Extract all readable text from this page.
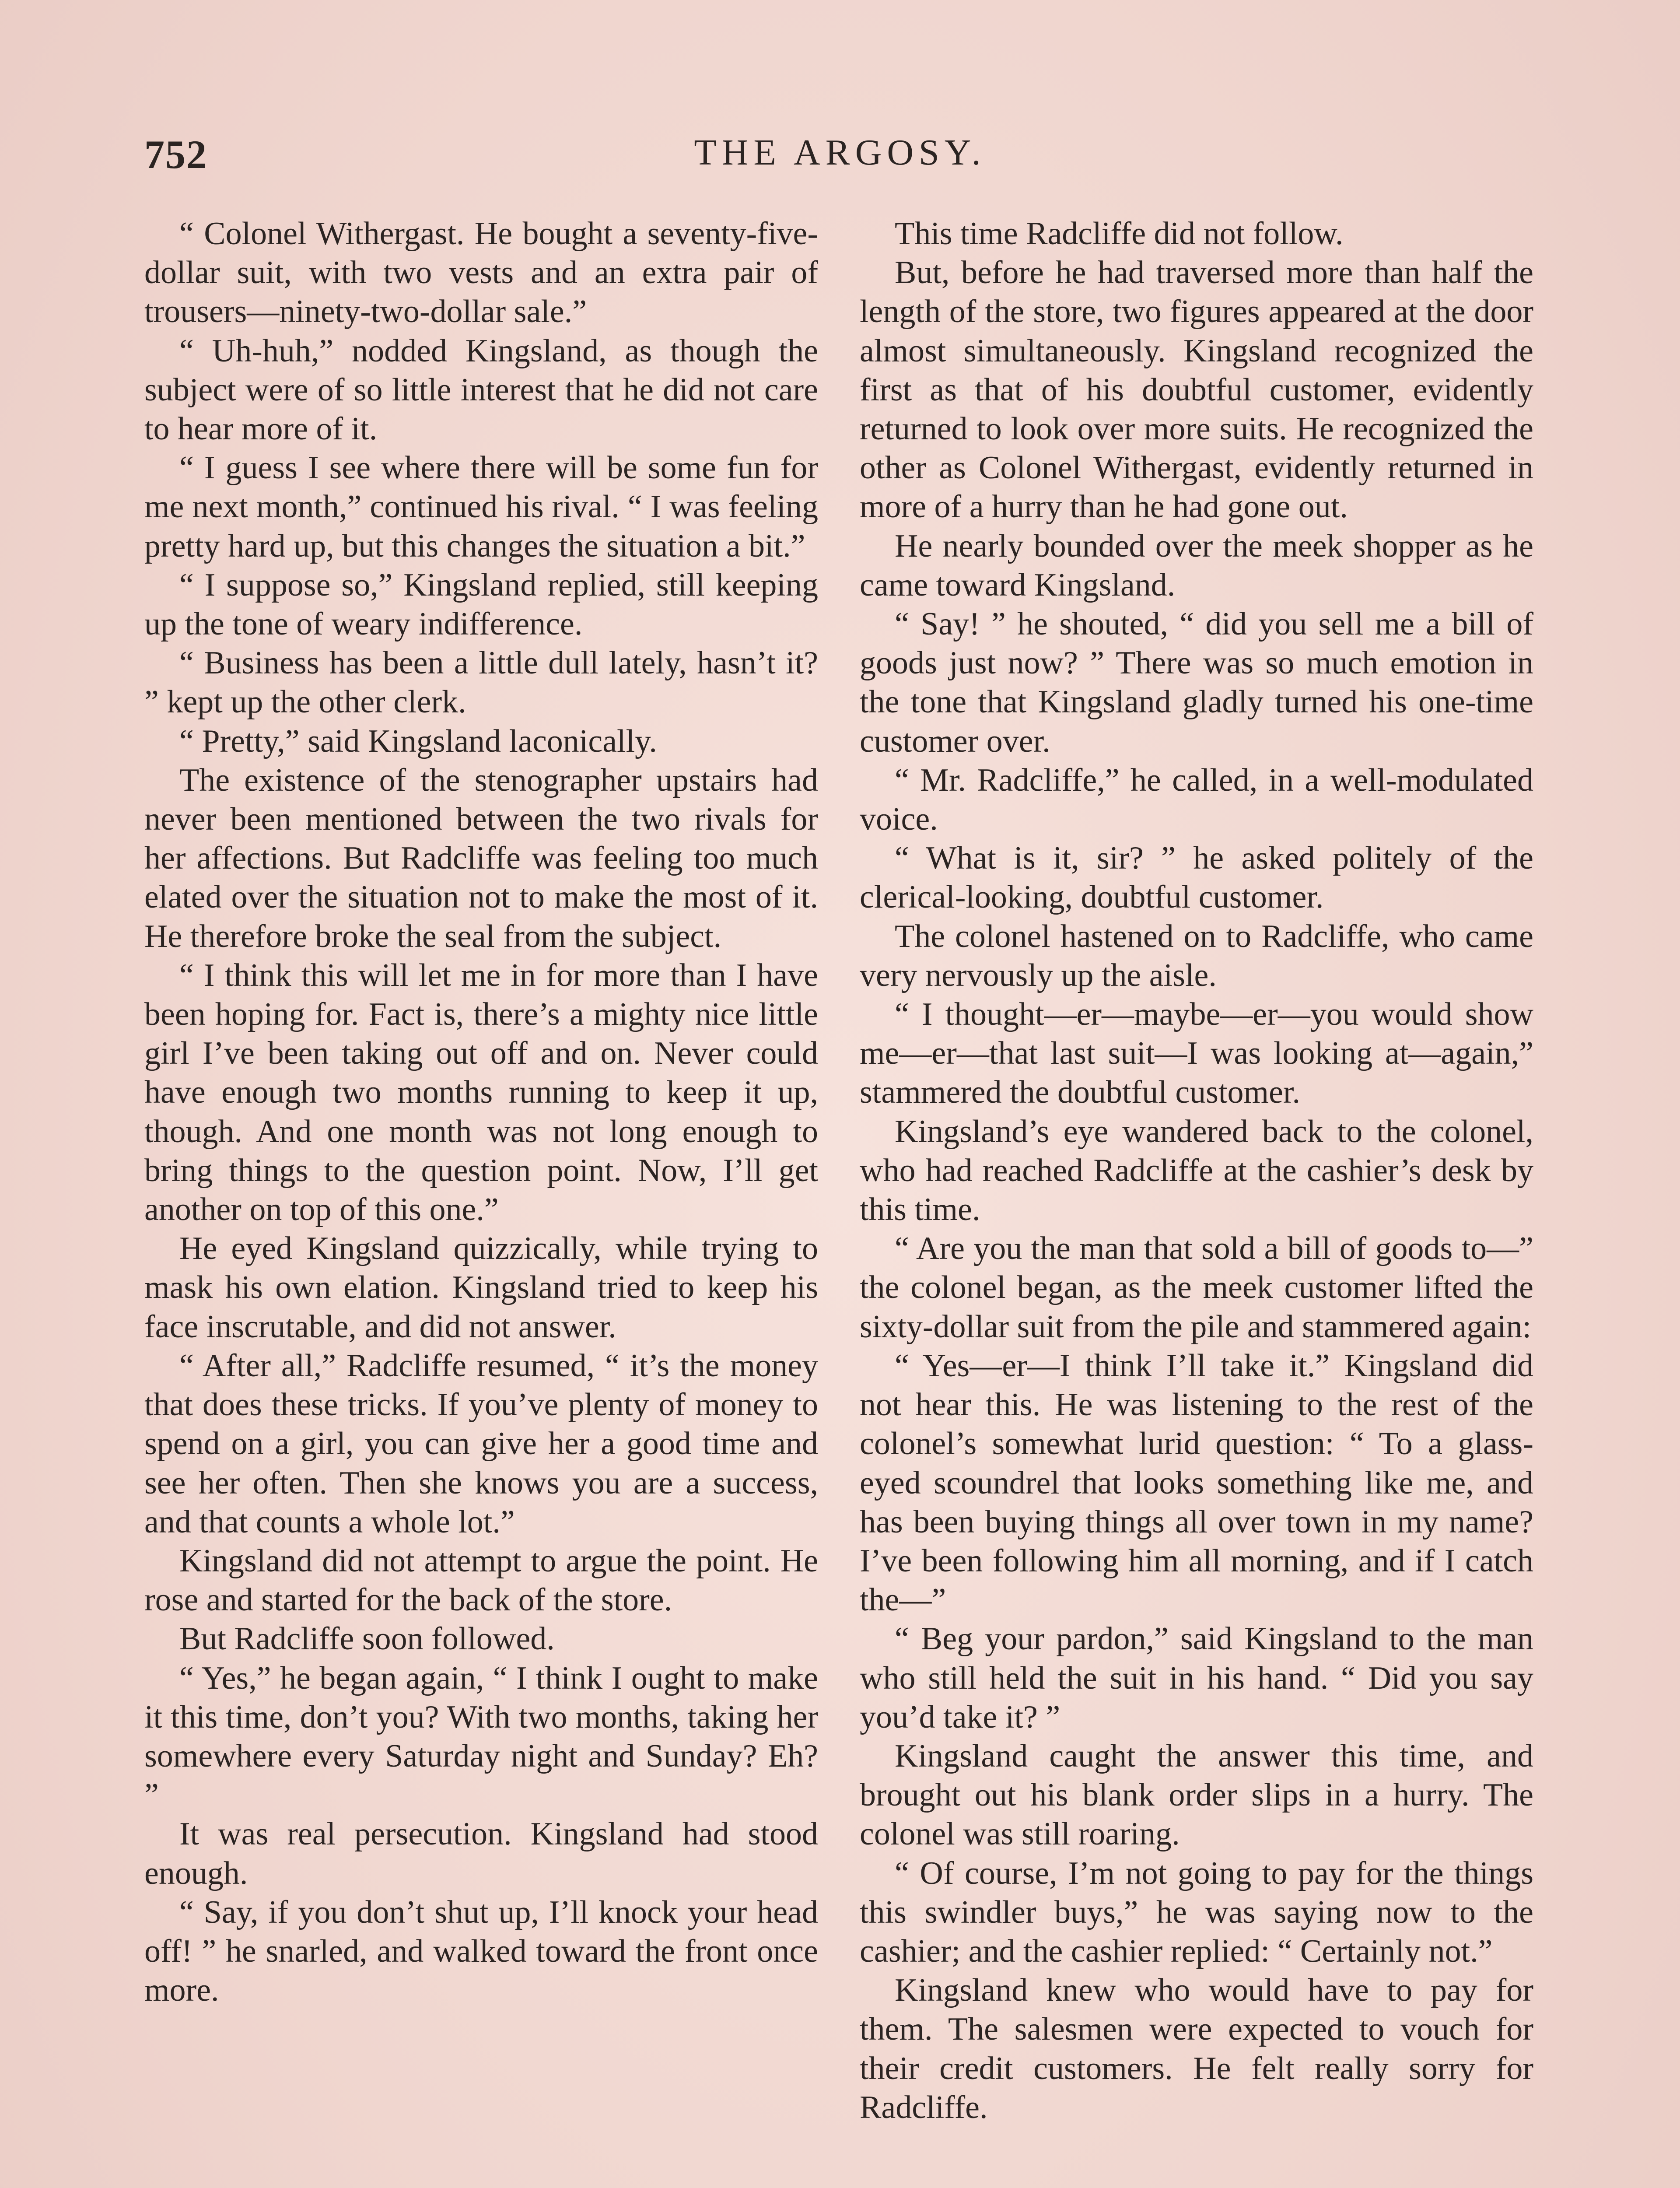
752	THE ARGOSY.

“ Colonel Withergast. He bought a seventy-five-dollar suit, with two vests and an extra pair of trousers—ninety-two-dollar sale.”

“ Uh-huh,” nodded Kingsland, as though the subject were of so little interest that he did not care to hear more of it.

“ I guess I see where there will be some fun for me next month,” continued his rival. “ I was feeling pretty hard up, but this changes the situation a bit.”

“ I suppose so,” Kingsland replied, still keeping up the tone of weary indifference.

“ Business has been a little dull lately, hasn’t it? ” kept up the other clerk.

“ Pretty,” said Kingsland laconically.

The existence of the stenographer upstairs had never been mentioned between the two rivals for her affections. But Radcliffe was feeling too much elated over the situation not to make the most of it. He therefore broke the seal from the subject.

“ I think this will let me in for more than I have been hoping for. Fact is, there’s a mighty nice little girl I’ve been taking out off and on. Never could have enough two months running to keep it up, though. And one month was not long enough to bring things to the question point. Now, I’ll get another on top of this one.”

He eyed Kingsland quizzically, while trying to mask his own elation. Kingsland tried to keep his face inscrutable, and did not answer.

“ After all,” Radcliffe resumed, “ it’s the money that does these tricks. If you’ve plenty of money to spend on a girl, you can give her a good time and see her often. Then she knows you are a success, and that counts a whole lot.”

Kingsland did not attempt to argue the point. He rose and started for the back of the store.

But Radcliffe soon followed.

“ Yes,” he began again, “ I think I ought to make it this time, don’t you? With two months, taking her somewhere every Saturday night and Sunday? Eh? ”

It was real persecution. Kingsland had stood enough.

“ Say, if you don’t shut up, I’ll knock your head off! ” he snarled, and walked toward the front once more.

This time Radcliffe did not follow.

But, before he had traversed more than half the length of the store, two figures appeared at the door almost simultaneously. Kingsland recognized the first as that of his doubtful customer, evidently returned to look over more suits. He recognized the other as Colonel Withergast, evidently returned in more of a hurry than he had gone out.

He nearly bounded over the meek shopper as he came toward Kingsland.

“ Say! ” he shouted, “ did you sell me a bill of goods just now? ” There was so much emotion in the tone that Kingsland gladly turned his one-time customer over.

“ Mr. Radcliffe,” he called, in a well-modulated voice.

“ What is it, sir? ” he asked politely of the clerical-looking, doubtful customer.

The colonel hastened on to Radcliffe, who came very nervously up the aisle.

“ I thought—er—maybe—er—you would show me—er—that last suit—I was looking at—again,” stammered the doubtful customer.

Kingsland’s eye wandered back to the colonel, who had reached Radcliffe at the cashier’s desk by this time.

“ Are you the man that sold a bill of goods to—” the colonel began, as the meek customer lifted the sixty-dollar suit from the pile and stammered again:

“ Yes—er—I think I’ll take it.” Kingsland did not hear this. He was listening to the rest of the colonel’s somewhat lurid question: “ To a glass-eyed scoundrel that looks something like me, and has been buying things all over town in my name? I’ve been following him all morning, and if I catch the—”

“ Beg your pardon,” said Kingsland to the man who still held the suit in his hand. “ Did you say you’d take it? ”

Kingsland caught the answer this time, and brought out his blank order slips in a hurry. The colonel was still roaring.

“ Of course, I’m not going to pay for the things this swindler buys,” he was saying now to the cashier; and the cashier replied: “ Certainly not.”

Kingsland knew who would have to pay for them. The salesmen were expected to vouch for their credit customers. He felt really sorry for Radcliffe.
